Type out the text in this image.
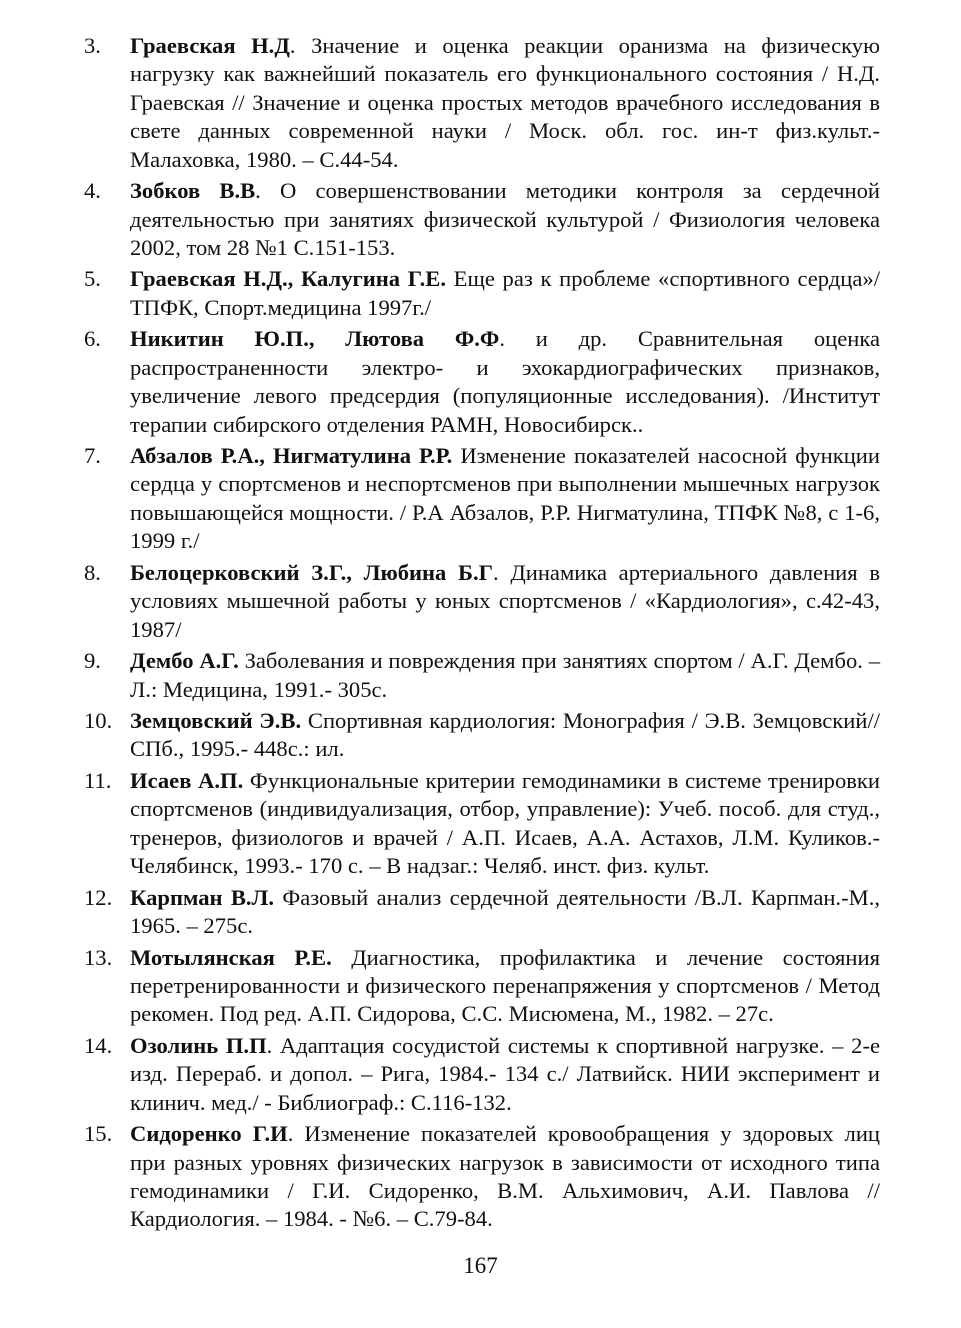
3.	Граевская Н.Д. Значение и оценка реакции оранизма на физическую нагрузку как важнейший показатель его функционального состояния / Н.Д. Граевская // Значение и оценка простых методов врачебного исследования в свете данных современной науки / Моск. обл. гос. ин-т физ.культ.- Малаховка, 1980. – С.44-54.
4.	Зобков В.В. О совершенствовании методики контроля за сердечной деятельностью при занятиях физической культурой / Физиология человека 2002, том 28 №1 С.151-153.
5.	Граевская Н.Д., Калугина Г.Е. Еще раз к проблеме «спортивного сердца»/ ТПФК, Спорт.медицина 1997г./
6.	Никитин Ю.П., Лютова Ф.Ф. и др. Сравнительная оценка распространенности электро- и эхокардиографических признаков, увеличение левого предсердия (популяционные исследования). /Институт терапии сибирского отделения РАМН, Новосибирск..
7.	Абзалов Р.А., Нигматулина Р.Р. Изменение показателей насосной функции сердца у спортсменов и неспортсменов при выполнении мышечных нагрузок повышающейся мощности. / Р.А Абзалов, Р.Р. Нигматулина, ТПФК №8, с 1-6, 1999 г./
8.	Белоцерковский З.Г., Любина Б.Г. Динамика артериального давления в условиях мышечной работы у юных спортсменов / «Кардиология», с.42-43, 1987/
9.	Дембо А.Г. Заболевания и повреждения при занятиях спортом / А.Г. Дембо. – Л.: Медицина, 1991.- 305с.
10. Земцовский Э.В. Спортивная кардиология: Монография / Э.В. Земцовский//СПб., 1995.- 448с.: ил.
11. Исаев А.П. Функциональные критерии гемодинамики в системе тренировки спортсменов (индивидуализация, отбор, управление): Учеб. пособ. для студ., тренеров, физиологов и врачей / А.П. Исаев, А.А. Астахов, Л.М. Куликов.- Челябинск, 1993.- 170 с. – В надзаг.: Челяб. инст. физ. культ.
12. Карпман В.Л. Фазовый анализ сердечной деятельности /В.Л. Карпман.-М., 1965. – 275с.
13. Мотылянская Р.Е. Диагностика, профилактика и лечение состояния перетренированности и физического перенапряжения у спортсменов / Метод рекомен. Под ред. А.П. Сидорова, С.С. Мисюмена, М., 1982. – 27с.
14. Озолинь П.П. Адаптация сосудистой системы к спортивной нагрузке. – 2-е изд. Перераб. и допол. – Рига, 1984.- 134 с./ Латвийск. НИИ эксперимент и клинич. мед./ - Библиограф.: С.116-132.
15. Сидоренко Г.И. Изменение показателей кровообращения у здоровых лиц при разных уровнях физических нагрузок в зависимости от исходного типа гемодинамики / Г.И. Сидоренко, В.М. Альхимович, А.И. Павлова // Кардиология. – 1984. - №6. – С.79-84.
167
